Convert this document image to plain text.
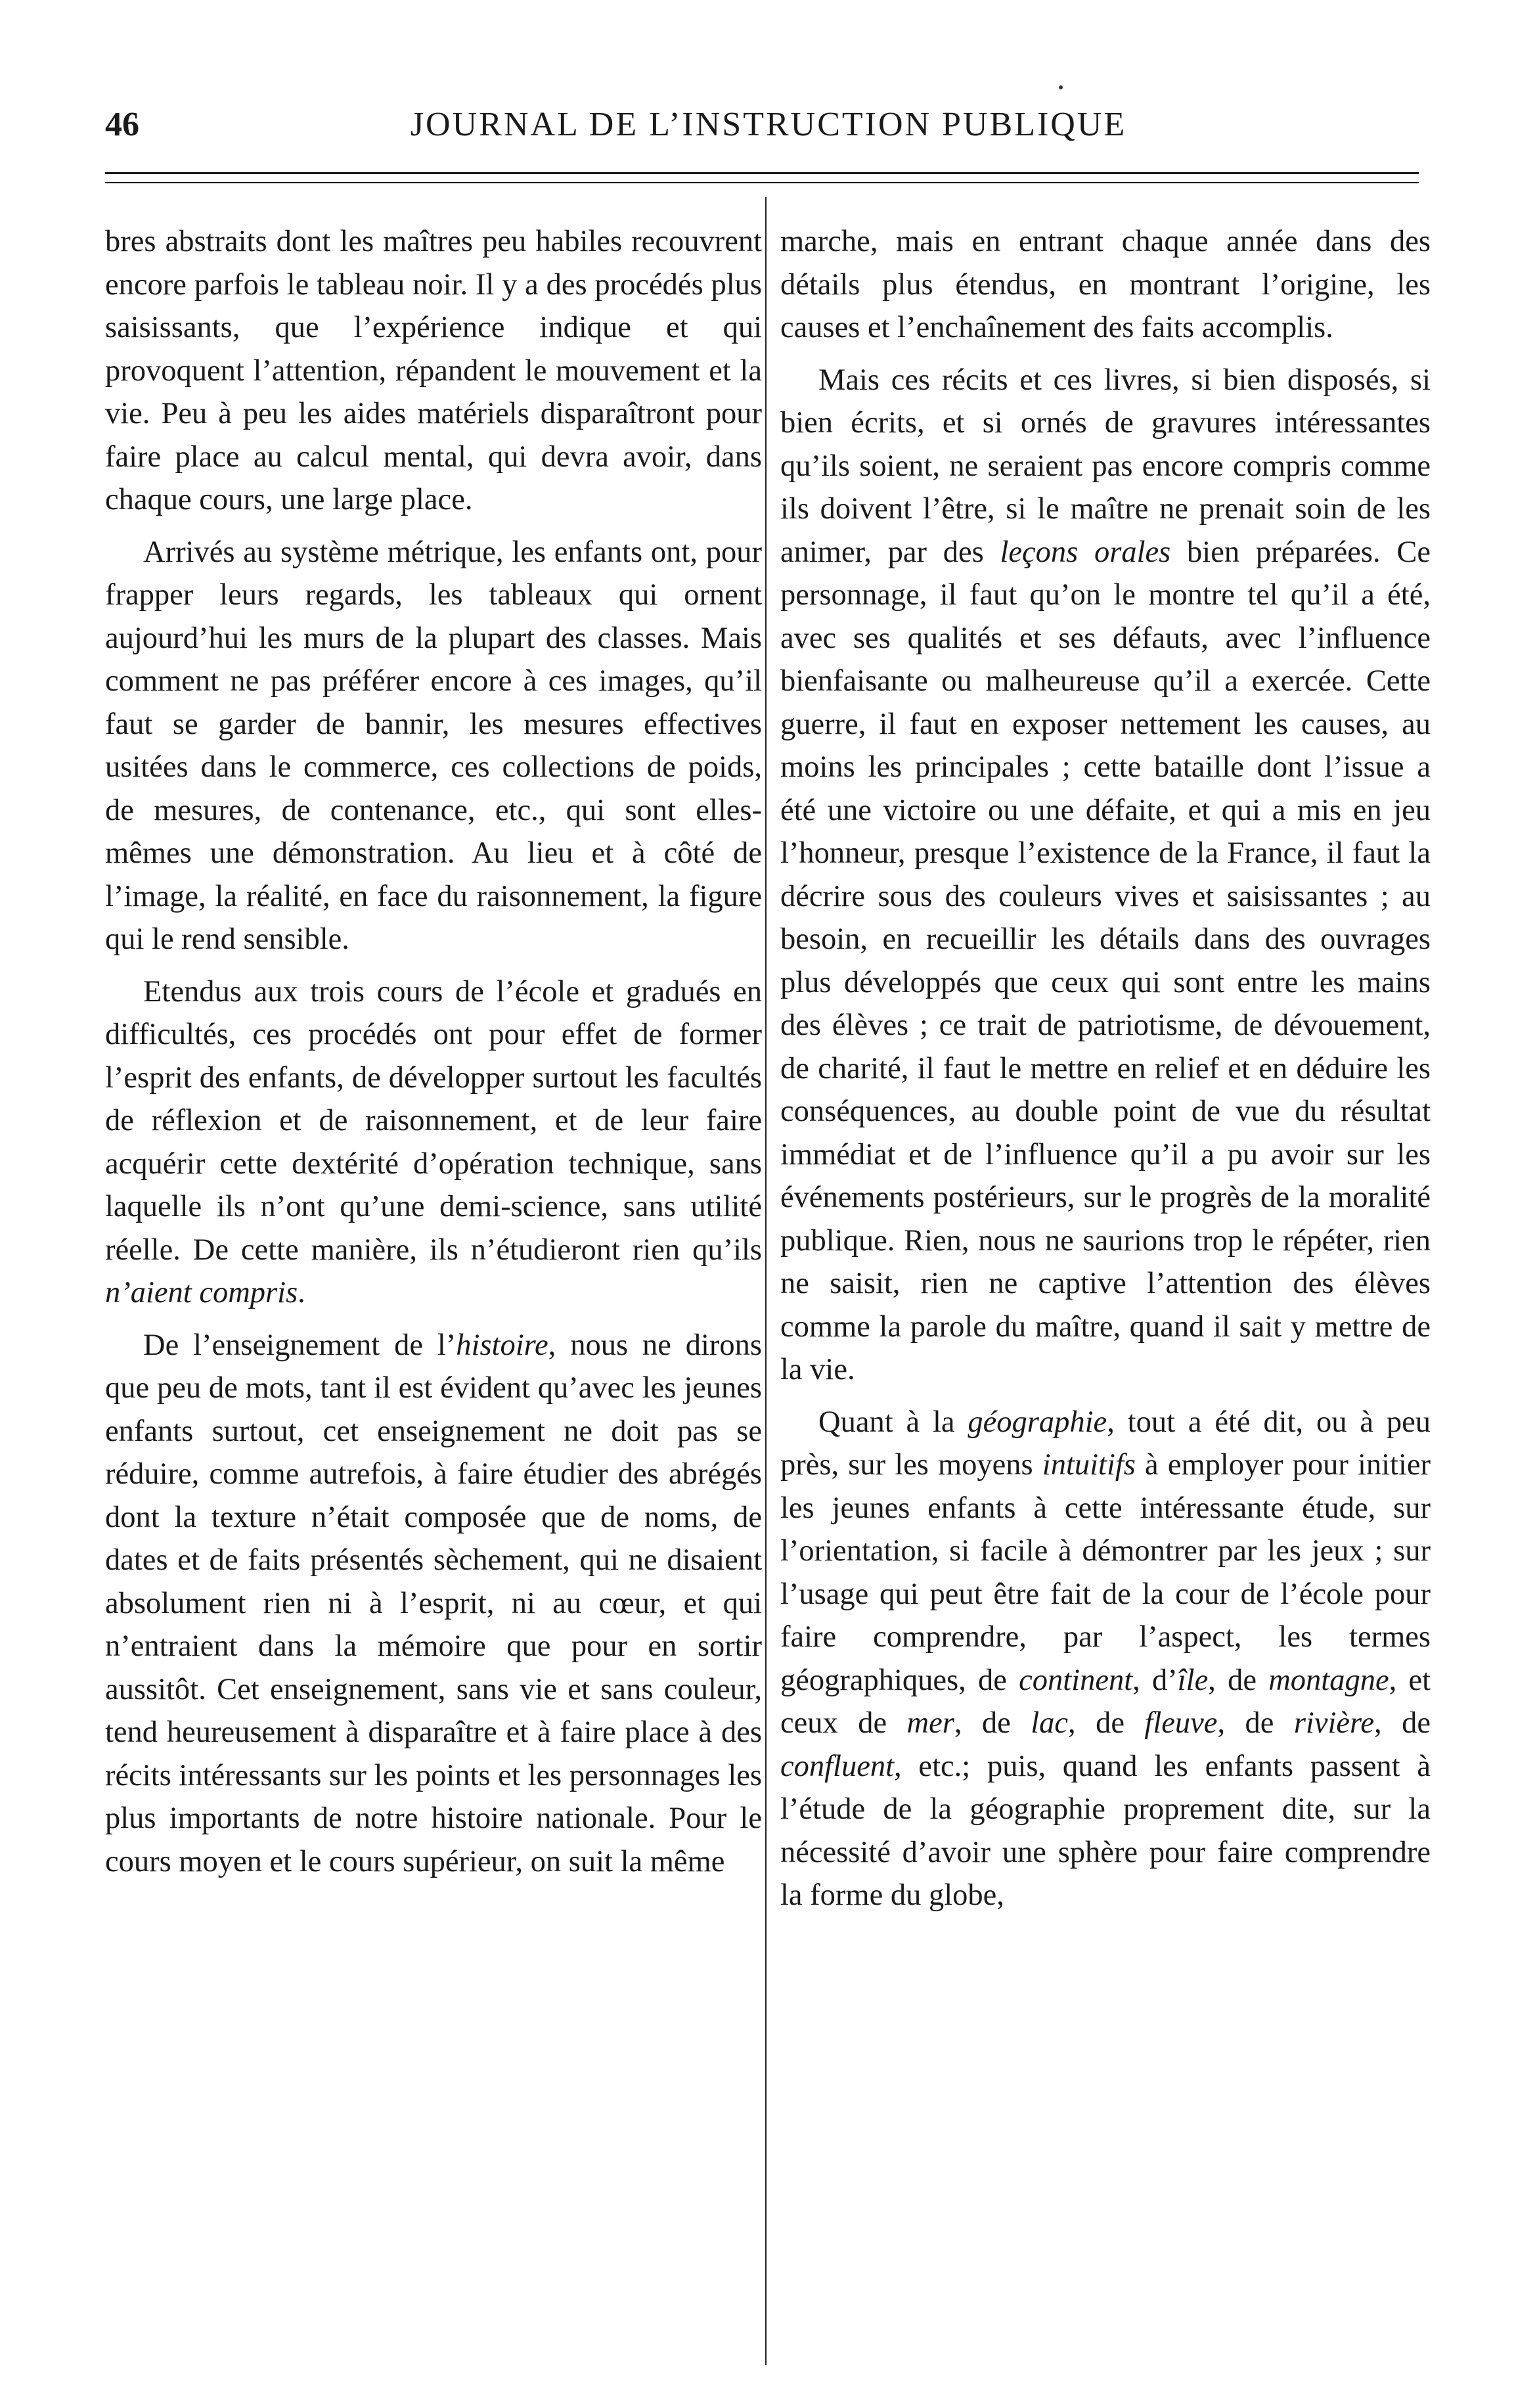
46	JOURNAL DE L’INSTRUCTION PUBLIQUE

bres abstraits dont les maîtres peu habiles recouvrent encore parfois le tableau noir. Il y a des procédés plus saisissants, que l’expérience indique et qui provoquent l’attention, répandent le mouvement et la vie. Peu à peu les aides matériels disparaîtront pour faire place au calcul mental, qui devra avoir, dans chaque cours, une large place.

Arrivés au système métrique, les enfants ont, pour frapper leurs regards, les tableaux qui ornent aujourd’hui les murs de la plupart des classes. Mais comment ne pas préférer encore à ces images, qu’il faut se garder de bannir, les mesures effectives usitées dans le commerce, ces collections de poids, de mesures, de contenance, etc., qui sont elles-mêmes une démonstration. Au lieu et à côté de l’image, la réalité, en face du raisonnement, la figure qui le rend sensible.

Etendus aux trois cours de l’école et gradués en difficultés, ces procédés ont pour effet de former l’esprit des enfants, de développer surtout les facultés de réflexion et de raisonnement, et de leur faire acquérir cette dextérité d’opération technique, sans laquelle ils n’ont qu’une demi-science, sans utilité réelle. De cette manière, ils n’étudieront rien qu’ils n’aient compris.

De l’enseignement de l’histoire, nous ne dirons que peu de mots, tant il est évident qu’avec les jeunes enfants surtout, cet enseignement ne doit pas se réduire, comme autrefois, à faire étudier des abrégés dont la texture n’était composée que de noms, de dates et de faits présentés sèchement, qui ne disaient absolument rien ni à l’esprit, ni au cœur, et qui n’entraient dans la mémoire que pour en sortir aussitôt. Cet enseignement, sans vie et sans couleur, tend heureusement à disparaître et à faire place à des récits intéressants sur les points et les personnages les plus importants de notre histoire nationale. Pour le cours moyen et le cours supérieur, on suit la même

marche, mais en entrant chaque année dans des détails plus étendus, en montrant l’origine, les causes et l’enchaînement des faits accomplis.

Mais ces récits et ces livres, si bien disposés, si bien écrits, et si ornés de gravures intéressantes qu’ils soient, ne seraient pas encore compris comme ils doivent l’être, si le maître ne prenait soin de les animer, par des leçons orales bien préparées. Ce personnage, il faut qu’on le montre tel qu’il a été, avec ses qualités et ses défauts, avec l’influence bienfaisante ou malheureuse qu’il a exercée. Cette guerre, il faut en exposer nettement les causes, au moins les principales ; cette bataille dont l’issue a été une victoire ou une défaite, et qui a mis en jeu l’honneur, presque l’existence de la France, il faut la décrire sous des couleurs vives et saisissantes ; au besoin, en recueillir les détails dans des ouvrages plus développés que ceux qui sont entre les mains des élèves ; ce trait de patriotisme, de dévouement, de charité, il faut le mettre en relief et en déduire les conséquences, au double point de vue du résultat immédiat et de l’influence qu’il a pu avoir sur les événements postérieurs, sur le progrès de la moralité publique. Rien, nous ne saurions trop le répéter, rien ne saisit, rien ne captive l’attention des élèves comme la parole du maître, quand il sait y mettre de la vie.

Quant à la géographie, tout a été dit, ou à peu près, sur les moyens intuitifs à employer pour initier les jeunes enfants à cette intéressante étude, sur l’orientation, si facile à démontrer par les jeux ; sur l’usage qui peut être fait de la cour de l’école pour faire comprendre, par l’aspect, les termes géographiques, de continent, d’île, de montagne, et ceux de mer, de lac, de fleuve, de rivière, de confluent, etc.; puis, quand les enfants passent à l’étude de la géographie proprement dite, sur la nécessité d’avoir une sphère pour faire comprendre la forme du globe,
